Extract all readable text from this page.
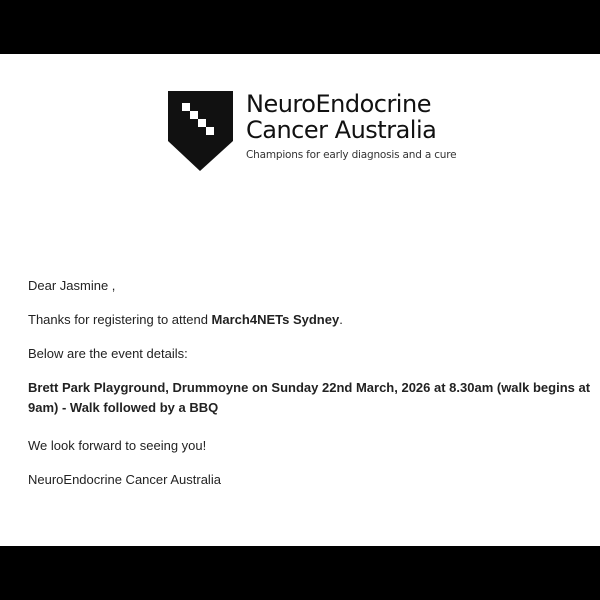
NeuroEndocrine
Cancer Australia
Champions for early diagnosis and a cure

Dear Jasmine ,

Thanks for registering to attend March4NETs Sydney.

Below are the event details:

Brett Park Playground, Drummoyne on Sunday 22nd March, 2026 at 8.30am (walk begins at 9am) - Walk followed by a BBQ

We look forward to seeing you!

NeuroEndocrine Cancer Australia
